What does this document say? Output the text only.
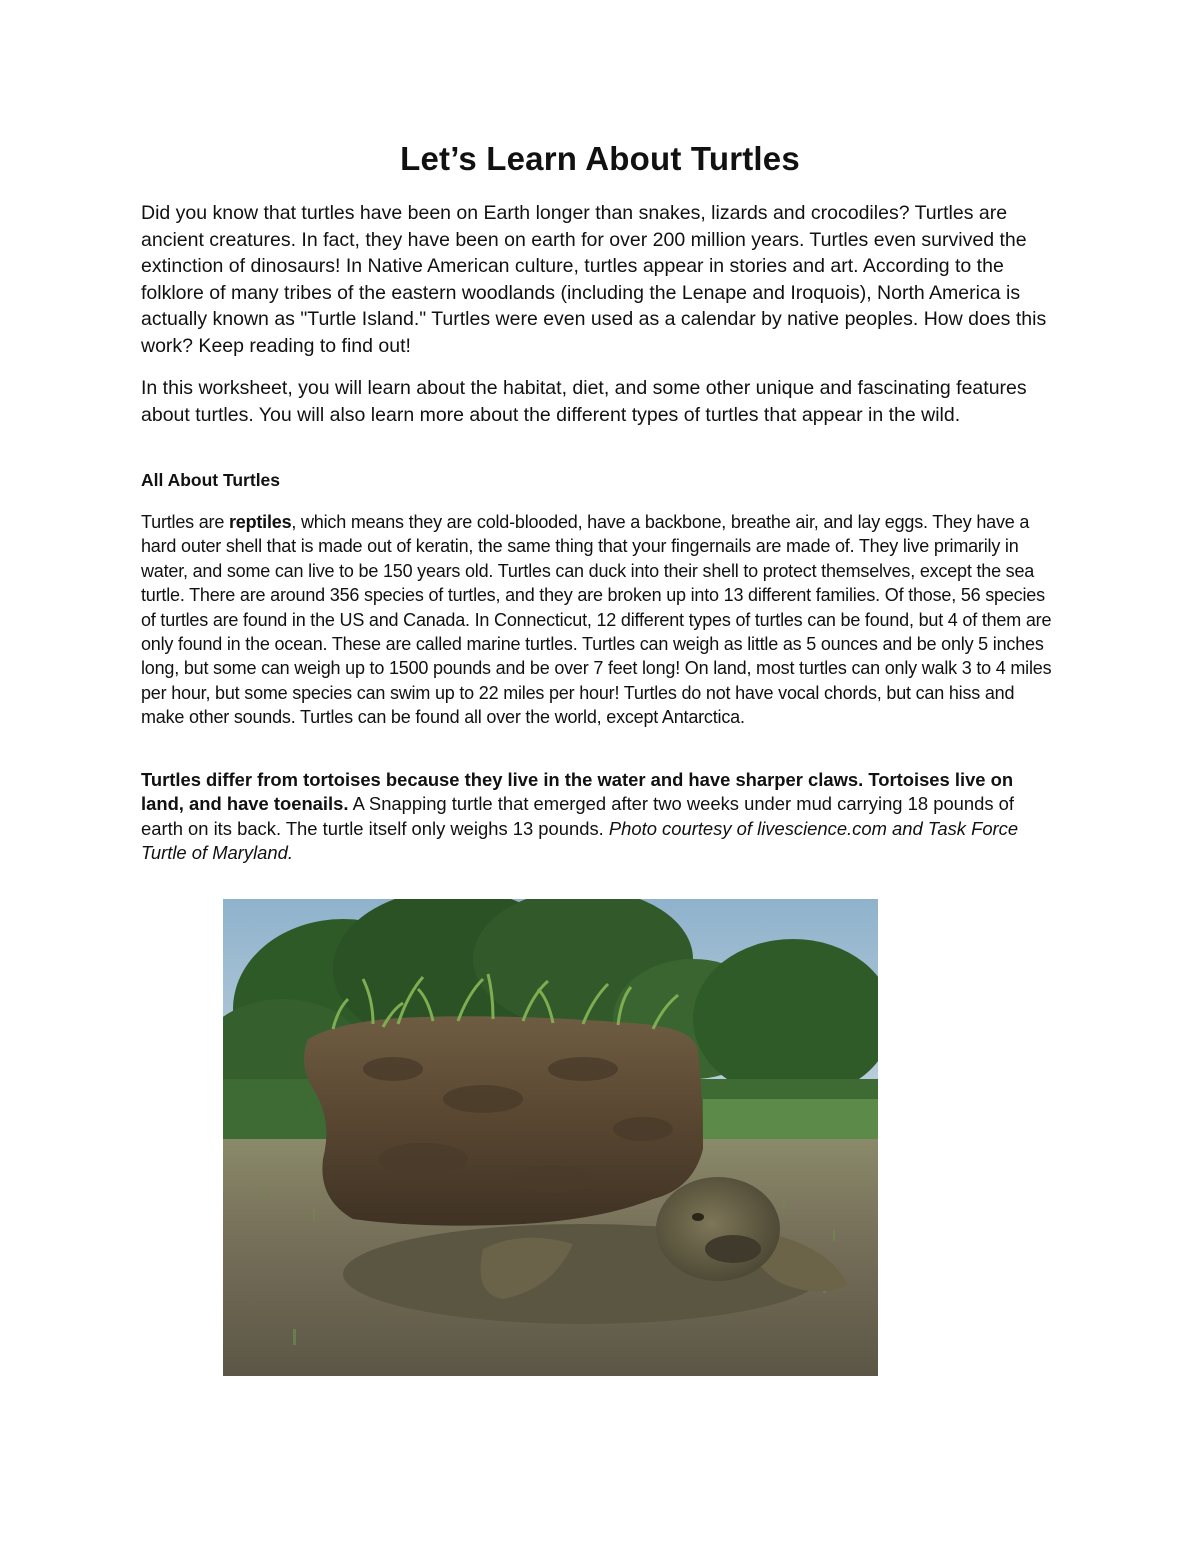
Let’s Learn About Turtles

Did you know that turtles have been on Earth longer than snakes, lizards and crocodiles? Turtles are ancient creatures. In fact, they have been on earth for over 200 million years. Turtles even survived the extinction of dinosaurs! In Native American culture, turtles appear in stories and art. According to the folklore of many tribes of the eastern woodlands (including the Lenape and Iroquois), North America is actually known as "Turtle Island." Turtles were even used as a calendar by native peoples. How does this work? Keep reading to find out!

In this worksheet, you will learn about the habitat, diet, and some other unique and fascinating features about turtles. You will also learn more about the different types of turtles that appear in the wild.

All About Turtles

Turtles are reptiles, which means they are cold-blooded, have a backbone, breathe air, and lay eggs. They have a hard outer shell that is made out of keratin, the same thing that your fingernails are made of. They live primarily in water, and some can live to be 150 years old. Turtles can duck into their shell to protect themselves, except the sea turtle. There are around 356 species of turtles, and they are broken up into 13 different families. Of those, 56 species of turtles are found in the US and Canada. In Connecticut, 12 different types of turtles can be found, but 4 of them are only found in the ocean. These are called marine turtles. Turtles can weigh as little as 5 ounces and be only 5 inches long, but some can weigh up to 1500 pounds and be over 7 feet long! On land, most turtles can only walk 3 to 4 miles per hour, but some species can swim up to 22 miles per hour! Turtles do not have vocal chords, but can hiss and make other sounds. Turtles can be found all over the world, except Antarctica.

Turtles differ from tortoises because they live in the water and have sharper claws. Tortoises live on land, and have toenails. A Snapping turtle that emerged after two weeks under mud carrying 18 pounds of earth on its back. The turtle itself only weighs 13 pounds. Photo courtesy of livescience.com and Task Force Turtle of Maryland.
